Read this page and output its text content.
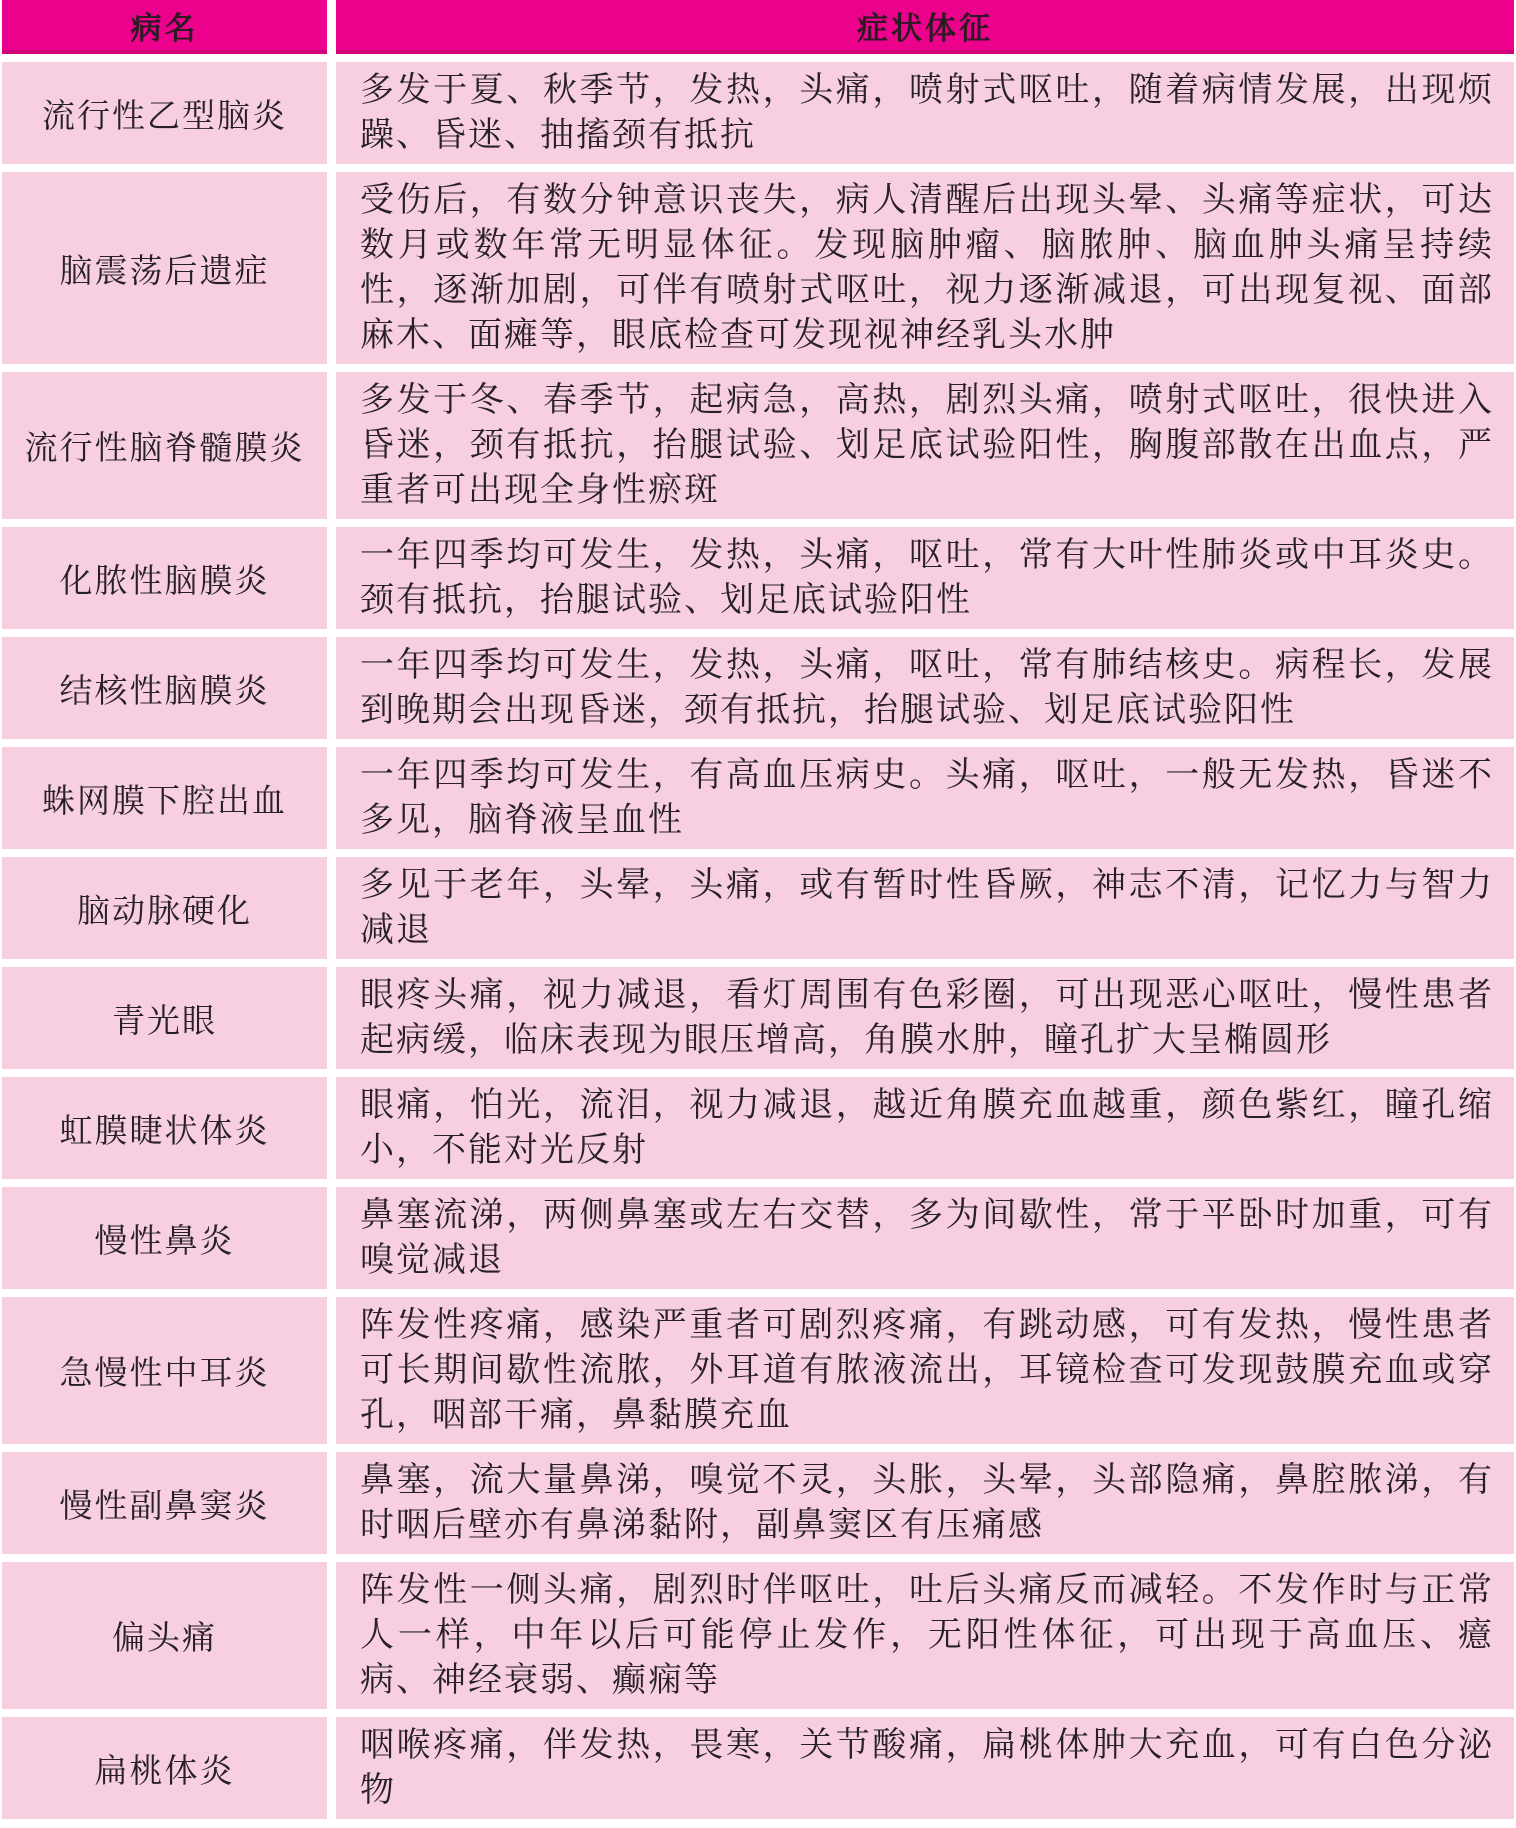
病名	症状体征
流行性乙型脑炎	多发于夏、秋季节，发热，头痛，喷射式呕吐，随着病情发展，出现烦躁、昏迷、抽搐颈有抵抗
脑震荡后遗症	受伤后，有数分钟意识丧失，病人清醒后出现头晕、头痛等症状，可达数月或数年常无明显体征。发现脑肿瘤、脑脓肿、脑血肿头痛呈持续性，逐渐加剧，可伴有喷射式呕吐，视力逐渐减退，可出现复视、面部麻木、面瘫等，眼底检查可发现视神经乳头水肿
流行性脑脊髓膜炎	多发于冬、春季节，起病急，高热，剧烈头痛，喷射式呕吐，很快进入昏迷，颈有抵抗，抬腿试验、划足底试验阳性，胸腹部散在出血点，严重者可出现全身性瘀斑
化脓性脑膜炎	一年四季均可发生，发热，头痛，呕吐，常有大叶性肺炎或中耳炎史。颈有抵抗，抬腿试验、划足底试验阳性
结核性脑膜炎	一年四季均可发生，发热，头痛，呕吐，常有肺结核史。病程长，发展到晚期会出现昏迷，颈有抵抗，抬腿试验、划足底试验阳性
蛛网膜下腔出血	一年四季均可发生，有高血压病史。头痛，呕吐，一般无发热，昏迷不多见，脑脊液呈血性
脑动脉硬化	多见于老年，头晕，头痛，或有暂时性昏厥，神志不清，记忆力与智力减退
青光眼	眼疼头痛，视力减退，看灯周围有色彩圈，可出现恶心呕吐，慢性患者起病缓，临床表现为眼压增高，角膜水肿，瞳孔扩大呈椭圆形
虹膜睫状体炎	眼痛，怕光，流泪，视力减退，越近角膜充血越重，颜色紫红，瞳孔缩小，不能对光反射
慢性鼻炎	鼻塞流涕，两侧鼻塞或左右交替，多为间歇性，常于平卧时加重，可有嗅觉减退
急慢性中耳炎	阵发性疼痛，感染严重者可剧烈疼痛，有跳动感，可有发热，慢性患者可长期间歇性流脓，外耳道有脓液流出，耳镜检查可发现鼓膜充血或穿孔，咽部干痛，鼻黏膜充血
慢性副鼻窦炎	鼻塞，流大量鼻涕，嗅觉不灵，头胀，头晕，头部隐痛，鼻腔脓涕，有时咽后壁亦有鼻涕黏附，副鼻窦区有压痛感
偏头痛	阵发性一侧头痛，剧烈时伴呕吐，吐后头痛反而减轻。不发作时与正常人一样，中年以后可能停止发作，无阳性体征，可出现于高血压、癔病、神经衰弱、癫痫等
扁桃体炎	咽喉疼痛，伴发热，畏寒，关节酸痛，扁桃体肿大充血，可有白色分泌物
